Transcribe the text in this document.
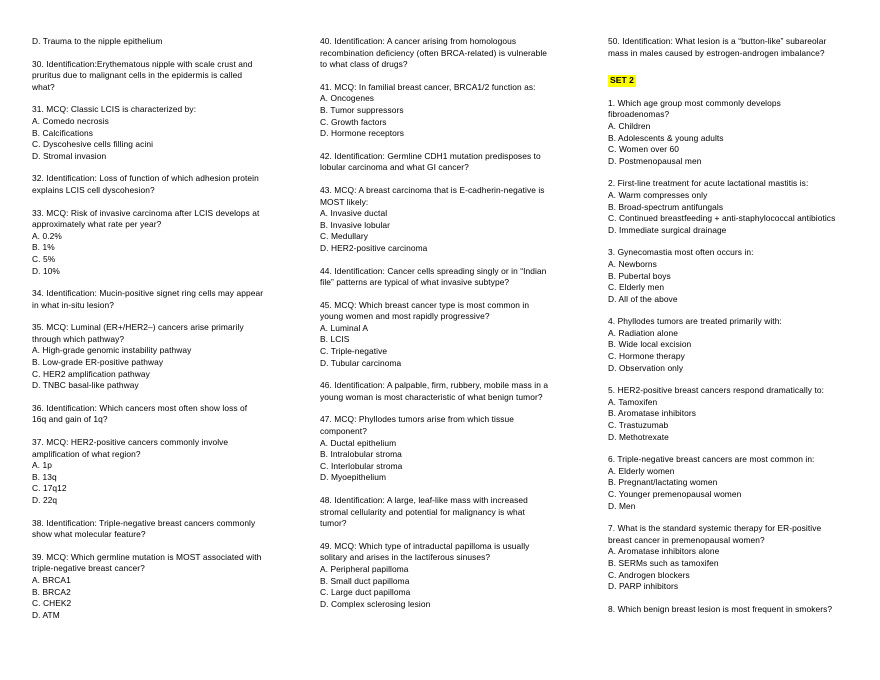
D. Trauma to the nipple epithelium
30. Identification:Erythematous nipple with scale crust and
pruritus due to malignant cells in the epidermis is called
what?
31. MCQ: Classic LCIS is characterized by:
A. Comedo necrosis
B. Calcifications
C. Dyscohesive cells filling acini
D. Stromal invasion
32. Identification: Loss of function of which adhesion protein
explains LCIS cell dyscohesion?
33. MCQ: Risk of invasive carcinoma after LCIS develops at
approximately what rate per year?
A. 0.2%
B. 1%
C. 5%
D. 10%
34. Identification: Mucin-positive signet ring cells may appear
in what in-situ lesion?
35. MCQ: Luminal (ER+/HER2–) cancers arise primarily
through which pathway?
A. High-grade genomic instability pathway
B. Low-grade ER-positive pathway
C. HER2 amplification pathway
D. TNBC basal-like pathway
36. Identification: Which cancers most often show loss of
16q and gain of 1q?
37. MCQ: HER2-positive cancers commonly involve
amplification of what region?
A. 1p
B. 13q
C. 17q12
D. 22q
38. Identification: Triple-negative breast cancers commonly
show what molecular feature?
39. MCQ: Which germline mutation is MOST associated with
triple-negative breast cancer?
A. BRCA1
B. BRCA2
C. CHEK2
D. ATM
40. Identification: A cancer arising from homologous
recombination deficiency (often BRCA-related) is vulnerable
to what class of drugs?
41. MCQ: In familial breast cancer, BRCA1/2 function as:
A. Oncogenes
B. Tumor suppressors
C. Growth factors
D. Hormone receptors
42. Identification: Germline CDH1 mutation predisposes to
lobular carcinoma and what GI cancer?
43. MCQ: A breast carcinoma that is E-cadherin-negative is
MOST likely:
A. Invasive ductal
B. Invasive lobular
C. Medullary
D. HER2-positive carcinoma
44. Identification: Cancer cells spreading singly or in “Indian
file” patterns are typical of what invasive subtype?
45. MCQ: Which breast cancer type is most common in
young women and most rapidly progressive?
A. Luminal A
B. LCIS
C. Triple-negative
D. Tubular carcinoma
46. Identification: A palpable, firm, rubbery, mobile mass in a
young woman is most characteristic of what benign tumor?
47. MCQ: Phyllodes tumors arise from which tissue
component?
A. Ductal epithelium
B. Intralobular stroma
C. Interlobular stroma
D. Myoepithelium
48. Identification: A large, leaf-like mass with increased
stromal cellularity and potential for malignancy is what
tumor?
49. MCQ: Which type of intraductal papilloma is usually
solitary and arises in the lactiferous sinuses?
A. Peripheral papilloma
B. Small duct papilloma
C. Large duct papilloma
D. Complex sclerosing lesion
50. Identification: What lesion is a “button-like” subareolar
mass in males caused by estrogen-androgen imbalance?
SET 2
1. Which age group most commonly develops
fibroadenomas?
A. Children
B. Adolescents & young adults
C. Women over 60
D. Postmenopausal men
2. First-line treatment for acute lactational mastitis is:
A. Warm compresses only
B. Broad-spectrum antifungals
C. Continued breastfeeding + anti-staphylococcal antibiotics
D. Immediate surgical drainage
3. Gynecomastia most often occurs in:
A. Newborns
B. Pubertal boys
C. Elderly men
D. All of the above
4. Phyllodes tumors are treated primarily with:
A. Radiation alone
B. Wide local excision
C. Hormone therapy
D. Observation only
5. HER2-positive breast cancers respond dramatically to:
A. Tamoxifen
B. Aromatase inhibitors
C. Trastuzumab
D. Methotrexate
6. Triple-negative breast cancers are most common in:
A. Elderly women
B. Pregnant/lactating women
C. Younger premenopausal women
D. Men
7. What is the standard systemic therapy for ER-positive
breast cancer in premenopausal women?
A. Aromatase inhibitors alone
B. SERMs such as tamoxifen
C. Androgen blockers
D. PARP inhibitors
8. Which benign breast lesion is most frequent in smokers?
